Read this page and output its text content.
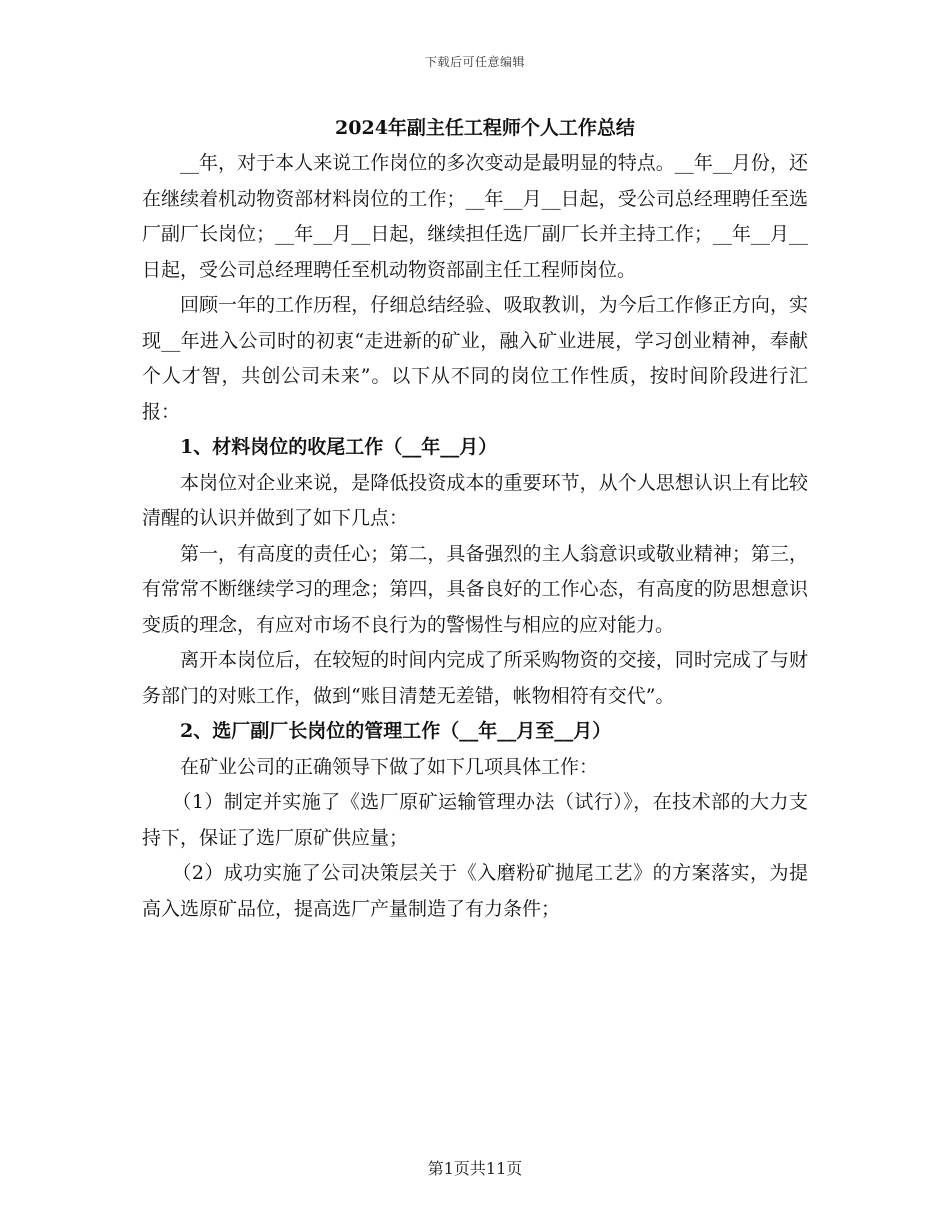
下载后可任意编辑
2024年副主任工程师个人工作总结

__年，对于本人来说工作岗位的多次变动是最明显的特点。__年__月份，还在继续着机动物资部材料岗位的工作；__年__月__日起，受公司总经理聘任至选厂副厂长岗位；__年__月__日起，继续担任选厂副厂长并主持工作；__年__月__日起，受公司总经理聘任至机动物资部副主任工程师岗位。

回顾一年的工作历程，仔细总结经验、吸取教训，为今后工作修正方向，实现__年进入公司时的初衷“走进新的矿业，融入矿业进展，学习创业精神，奉献个人才智，共创公司未来”。以下从不同的岗位工作性质，按时间阶段进行汇报：

1、材料岗位的收尾工作（__年__月）

本岗位对企业来说，是降低投资成本的重要环节，从个人思想认识上有比较清醒的认识并做到了如下几点：

第一，有高度的责任心；第二，具备强烈的主人翁意识或敬业精神；第三，有常常不断继续学习的理念；第四，具备良好的工作心态，有高度的防思想意识变质的理念，有应对市场不良行为的警惕性与相应的应对能力。

离开本岗位后，在较短的时间内完成了所采购物资的交接，同时完成了与财务部门的对账工作，做到“账目清楚无差错，帐物相符有交代”。

2、选厂副厂长岗位的管理工作（__年__月至__月）

在矿业公司的正确领导下做了如下几项具体工作：

（1）制定并实施了《选厂原矿运输管理办法（试行）》，在技术部的大力支持下，保证了选厂原矿供应量；

（2）成功实施了公司决策层关于《入磨粉矿抛尾工艺》的方案落实，为提高入选原矿品位，提高选厂产量制造了有力条件；

第1页共11页
